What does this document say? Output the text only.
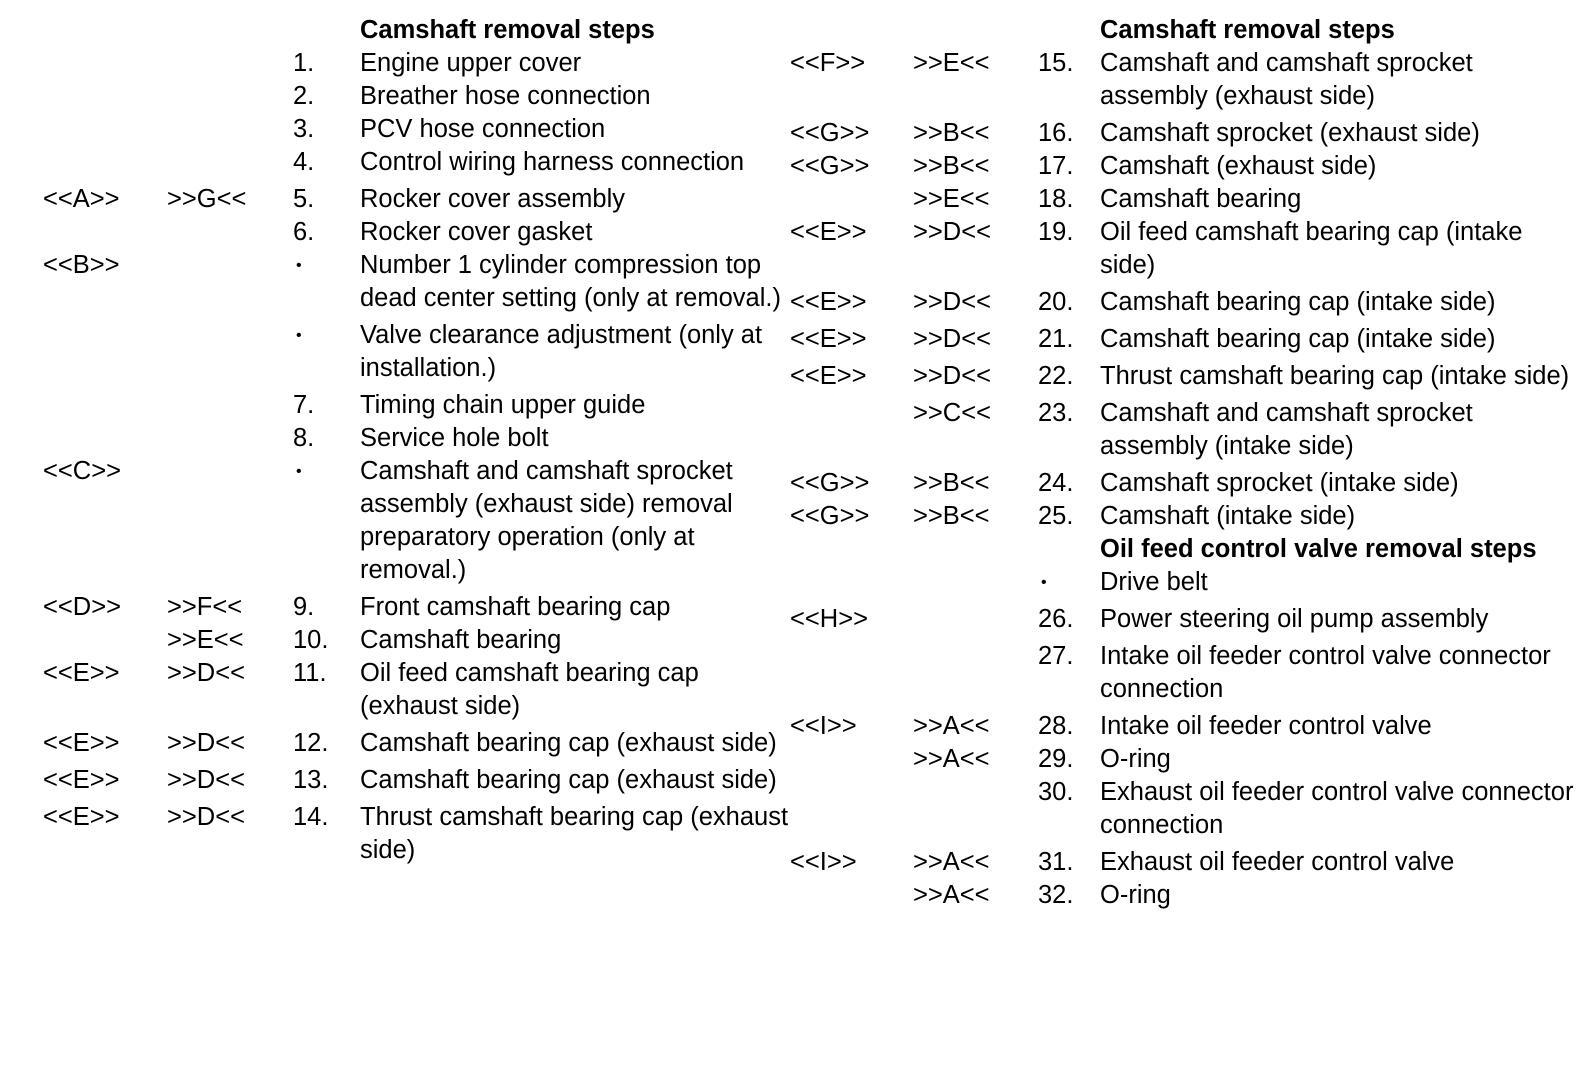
Camshaft removal steps
1. Engine upper cover
2. Breather hose connection
3. PCV hose connection
4. Control wiring harness connection
<<A>> >>G<< 5. Rocker cover assembly
6. Rocker cover gasket
<<B>>	• Number 1 cylinder compression top dead center setting (only at removal.)
• Valve clearance adjustment (only at installation.)
7. Timing chain upper guide
8. Service hole bolt
<<C>>	• Camshaft and camshaft sprocket assembly (exhaust side) removal preparatory operation (only at removal.)
<<D>> >>F<< 9. Front camshaft bearing cap
>>E<< 10. Camshaft bearing
<<E>> >>D<< 11. Oil feed camshaft bearing cap (exhaust side)
<<E>> >>D<< 12. Camshaft bearing cap (exhaust side)
<<E>> >>D<< 13. Camshaft bearing cap (exhaust side)
<<E>> >>D<< 14. Thrust camshaft bearing cap (exhaust side)
Camshaft removal steps
<<F>> >>E<< 15. Camshaft and camshaft sprocket assembly (exhaust side)
<<G>> >>B<< 16. Camshaft sprocket (exhaust side)
<<G>> >>B<< 17. Camshaft (exhaust side)
>>E<< 18. Camshaft bearing
<<E>> >>D<< 19. Oil feed camshaft bearing cap (intake side)
<<E>> >>D<< 20. Camshaft bearing cap (intake side)
<<E>> >>D<< 21. Camshaft bearing cap (intake side)
<<E>> >>D<< 22. Thrust camshaft bearing cap (intake side)
>>C<< 23. Camshaft and camshaft sprocket assembly (intake side)
<<G>> >>B<< 24. Camshaft sprocket (intake side)
<<G>> >>B<< 25. Camshaft (intake side)
Oil feed control valve removal steps
• Drive belt
<<H>>	26. Power steering oil pump assembly
27. Intake oil feeder control valve connector connection
<<I>> >>A<< 28. Intake oil feeder control valve
>>A<< 29. O-ring
30. Exhaust oil feeder control valve connector connection
<<I>> >>A<< 31. Exhaust oil feeder control valve
>>A<< 32. O-ring
